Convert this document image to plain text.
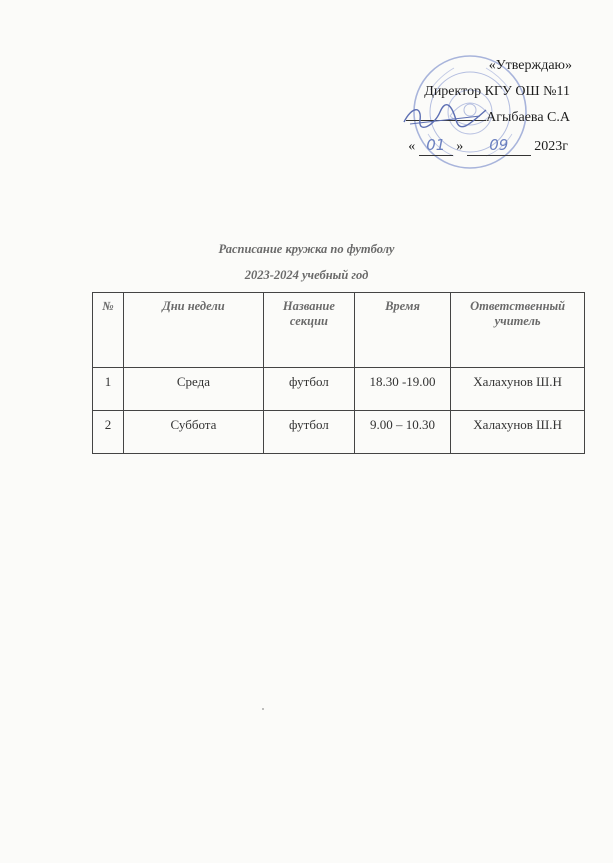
«Утверждаю»
Директор КГУ ОШ №11
Агыбаева С.А
« 01 » 09 2023г
Расписание кружка по футболу
2023-2024 учебный год
№	Дни недели	Название секции	Время	Ответственный учитель
1	Среда	футбол	18.30 -19.00	Халахунов Ш.Н
2	Суббота	футбол	9.00 – 10.30	Халахунов Ш.Н
